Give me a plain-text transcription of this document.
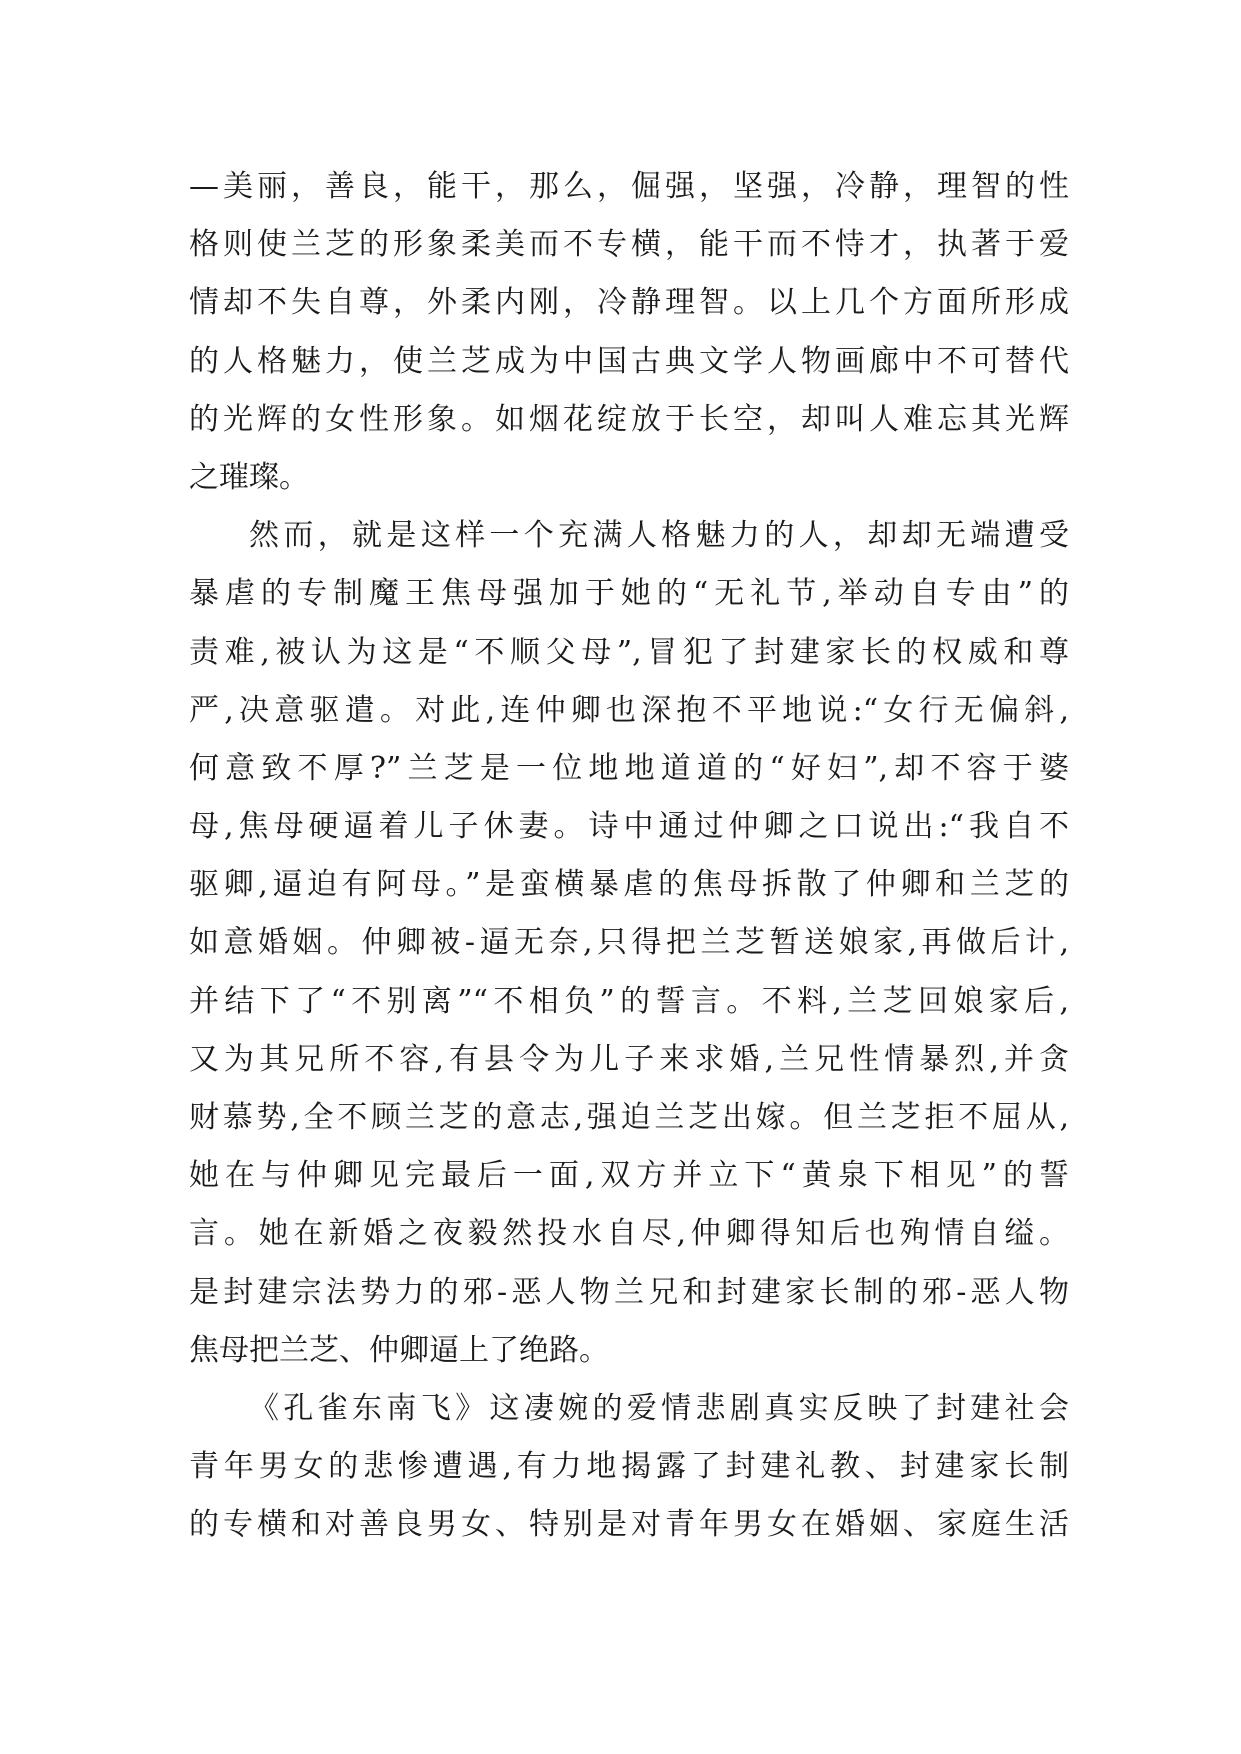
—美丽，善良，能干，那么，倔强，坚强，冷静，理智的性
格则使兰芝的形象柔美而不专横，能干而不恃才，执著于爱
情却不失自尊，外柔内刚，冷静理智。以上几个方面所形成
的人格魅力，使兰芝成为中国古典文学人物画廊中不可替代
的光辉的女性形象。如烟花绽放于长空，却叫人难忘其光辉
之璀璨。
然而，就是这样一个充满人格魅力的人，却却无端遭受
暴虐的专制魔王焦母强加于她的“无礼节,举动自专由”的
责难,被认为这是“不顺父母”,冒犯了封建家长的权威和尊
严,决意驱遣。对此,连仲卿也深抱不平地说:“女行无偏斜,
何意致不厚?”兰芝是一位地地道道的“好妇”,却不容于婆
母,焦母硬逼着儿子休妻。诗中通过仲卿之口说出:“我自不
驱卿,逼迫有阿母。”是蛮横暴虐的焦母拆散了仲卿和兰芝的
如意婚姻。仲卿被-逼无奈,只得把兰芝暂送娘家,再做后计,
并结下了“不别离”“不相负”的誓言。不料,兰芝回娘家后,
又为其兄所不容,有县令为儿子来求婚,兰兄性情暴烈,并贪
财慕势,全不顾兰芝的意志,强迫兰芝出嫁。但兰芝拒不屈从,
她在与仲卿见完最后一面,双方并立下“黄泉下相见”的誓
言。她在新婚之夜毅然投水自尽,仲卿得知后也殉情自缢。
是封建宗法势力的邪-恶人物兰兄和封建家长制的邪-恶人物
焦母把兰芝、仲卿逼上了绝路。
《孔雀东南飞》这凄婉的爱情悲剧真实反映了封建社会
青年男女的悲惨遭遇,有力地揭露了封建礼教、封建家长制
的专横和对善良男女、特别是对青年男女在婚姻、家庭生活
